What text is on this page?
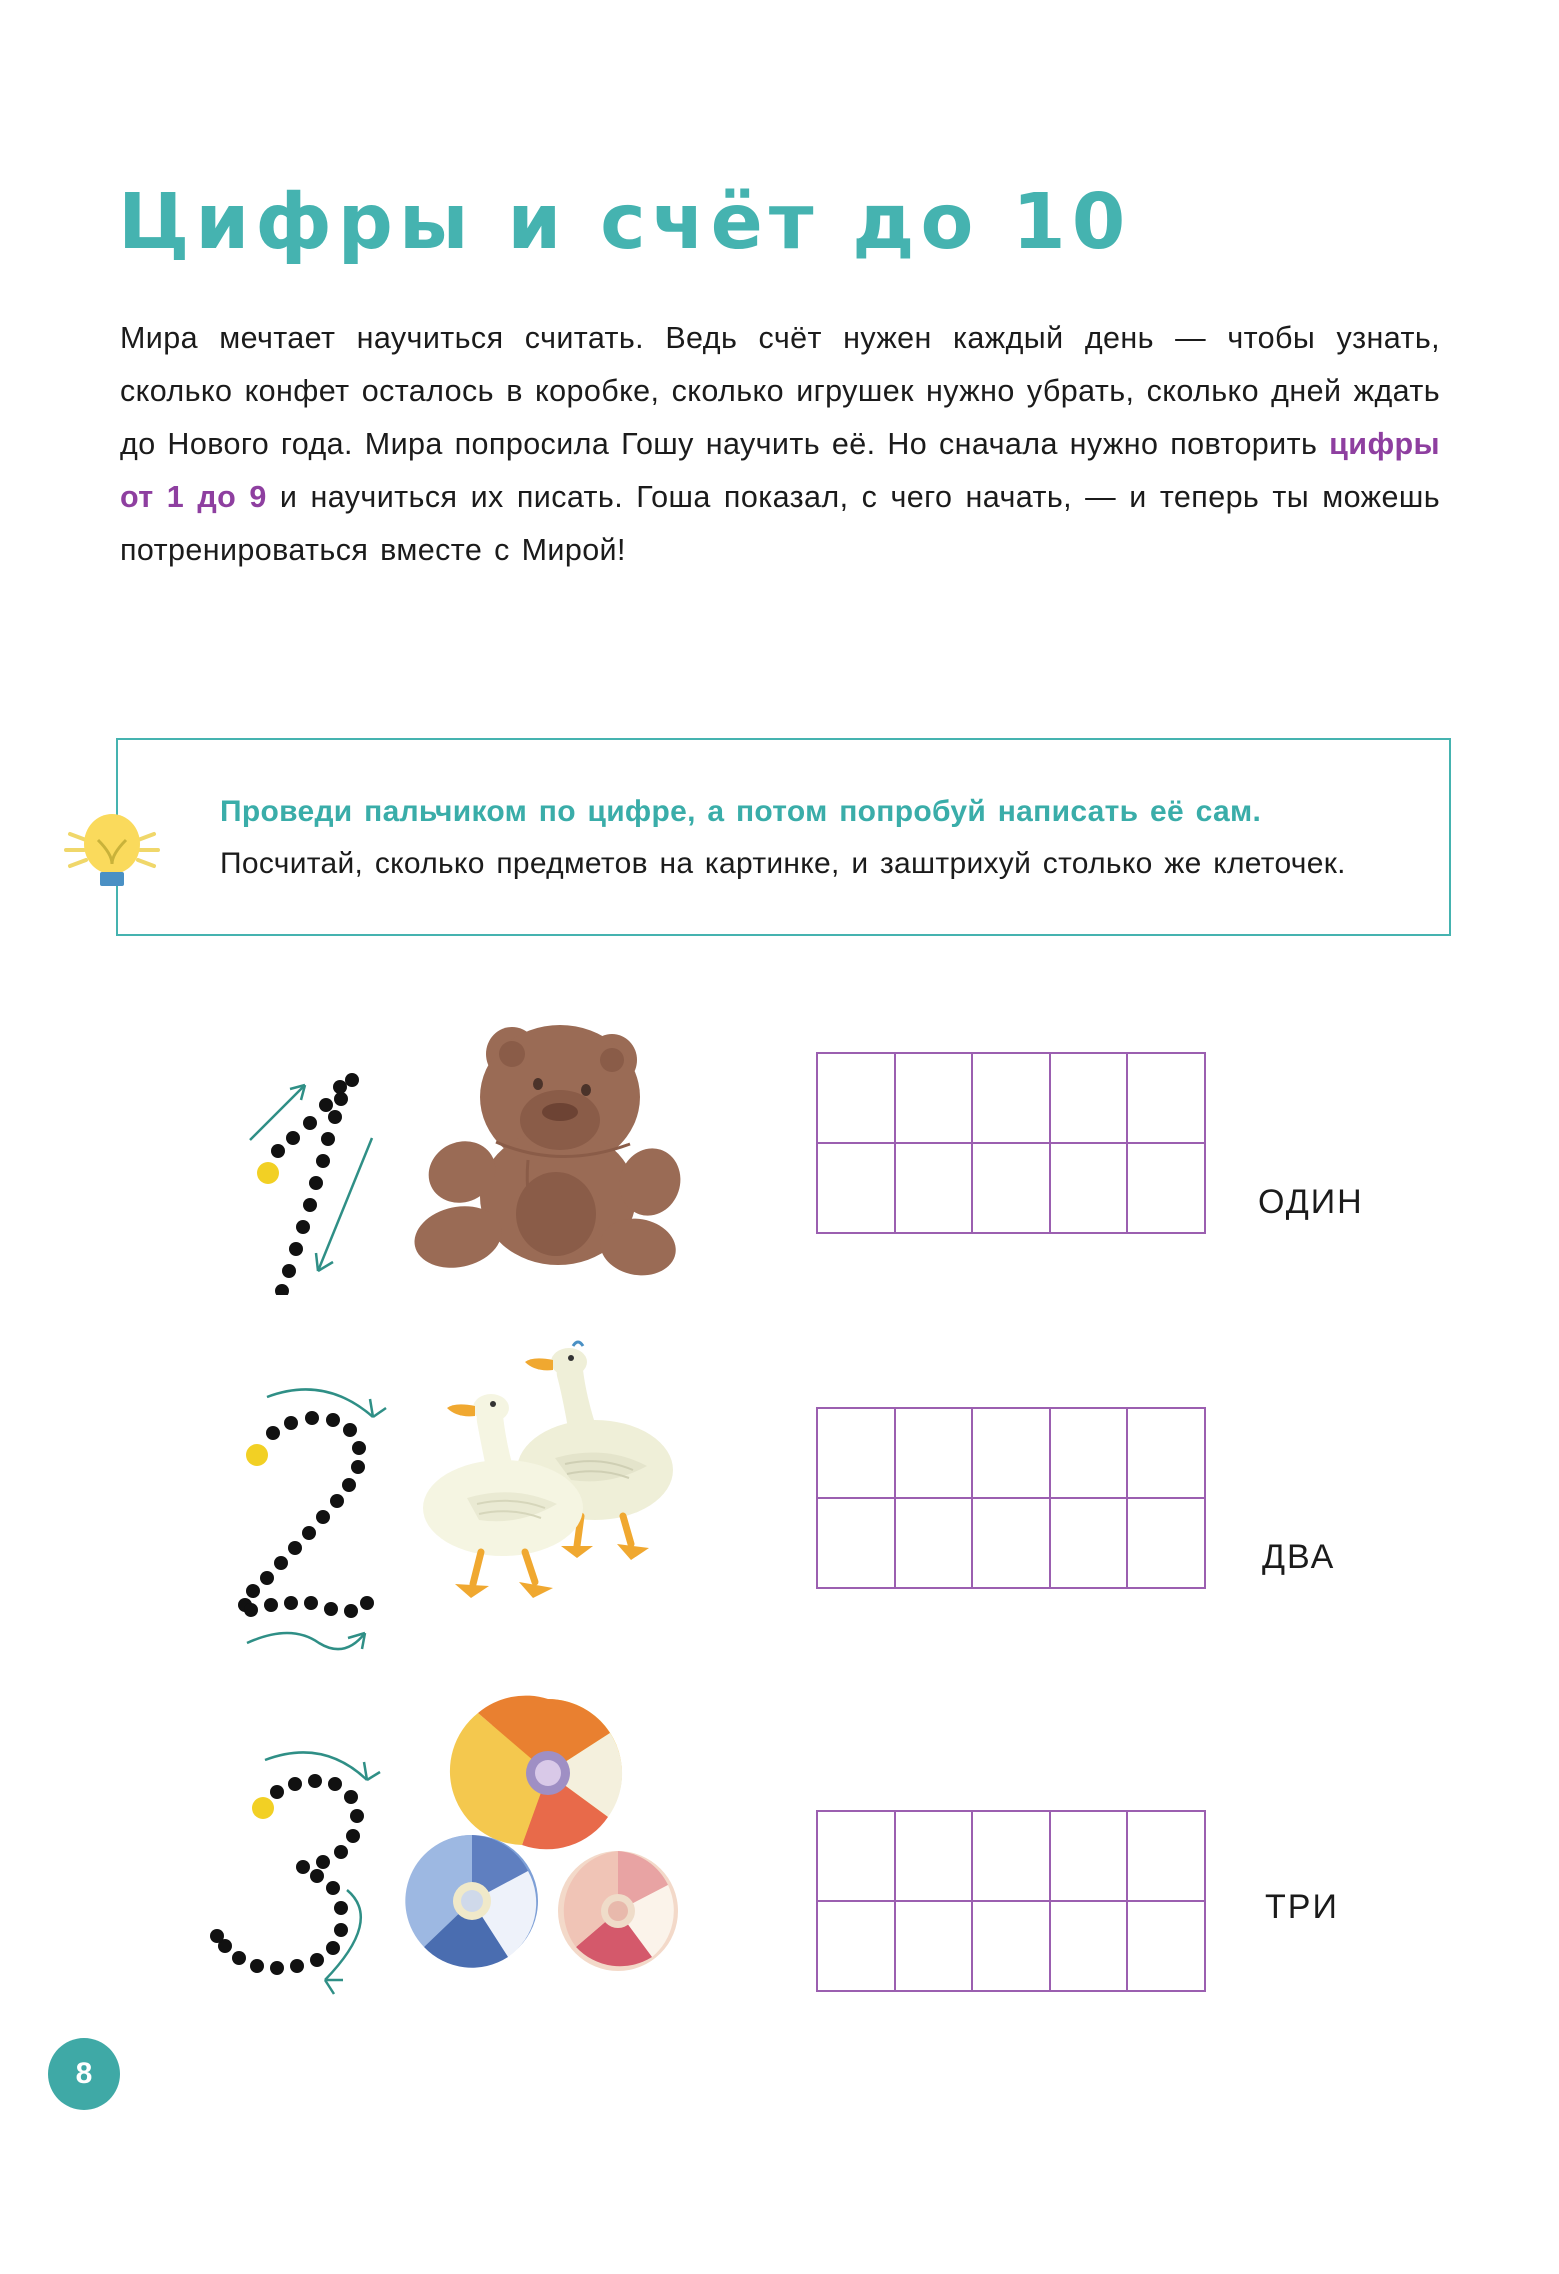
Цифры и счёт до 10
Мира мечтает научиться считать. Ведь счёт нужен каждый день — чтобы узнать, сколько конфет осталось в коробке, сколько игрушек нужно убрать, сколько дней ждать до Нового года. Мира попросила Гошу научить её. Но сначала нужно повторить цифры от 1 до 9 и научиться их писать. Гоша показал, с чего начать, — и теперь ты можешь потренироваться вместе с Мирой!
Проведи пальчиком по цифре, а потом попробуй написать её сам. Посчитай, сколько предметов на картинке, и заштрихуй столько же клеточек.
ОДИН
ДВА
ТРИ
8
